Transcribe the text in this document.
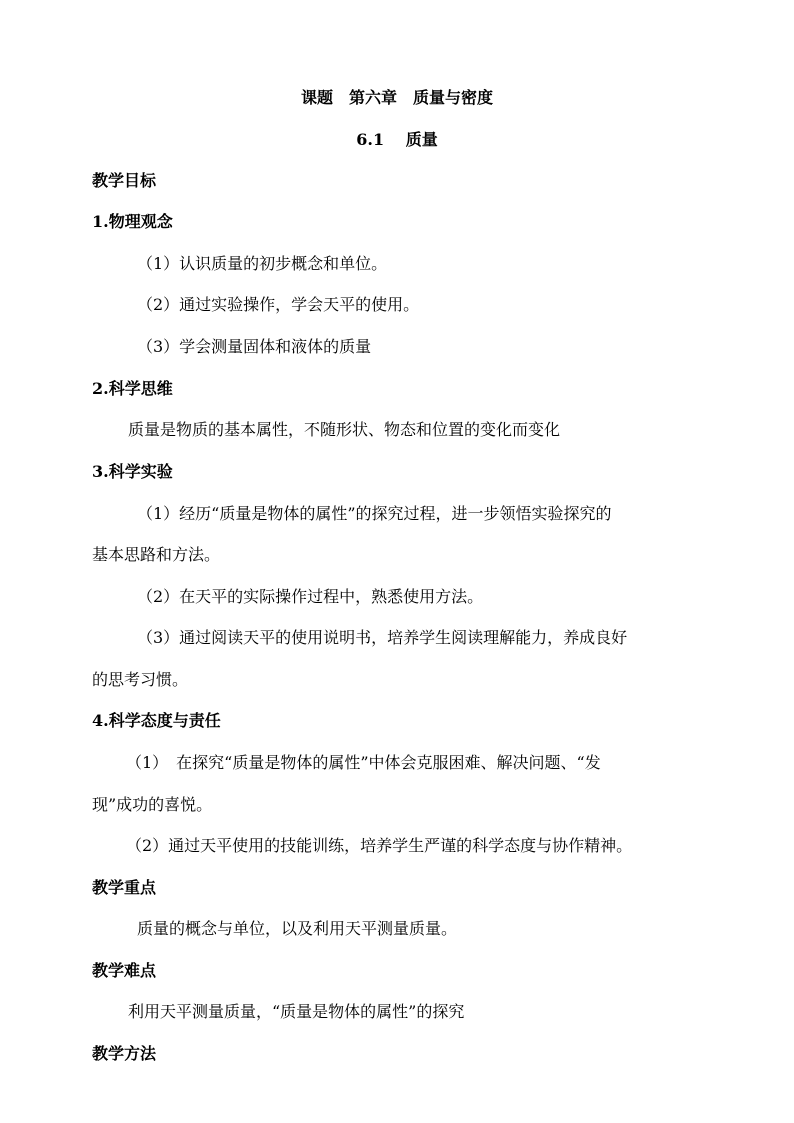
课题　第六章　质量与密度
6.1　 质量
教学目标
1.物理观念
（1）认识质量的初步概念和单位。
（2）通过实验操作，学会天平的使用。
（3）学会测量固体和液体的质量
2.科学思维
质量是物质的基本属性，不随形状、物态和位置的变化而变化
3.科学实验
（1）经历“质量是物体的属性”的探究过程，进一步领悟实验探究的
基本思路和方法。
（2）在天平的实际操作过程中，熟悉使用方法。
（3）通过阅读天平的使用说明书，培养学生阅读理解能力，养成良好
的思考习惯。
4.科学态度与责任
（1）　在探究“质量是物体的属性”中体会克服困难、解决问题、“发
现”成功的喜悦。
（2）通过天平使用的技能训练，培养学生严谨的科学态度与协作精神。
教学重点
质量的概念与单位，以及利用天平测量质量。
教学难点
利用天平测量质量，“质量是物体的属性”的探究
教学方法
